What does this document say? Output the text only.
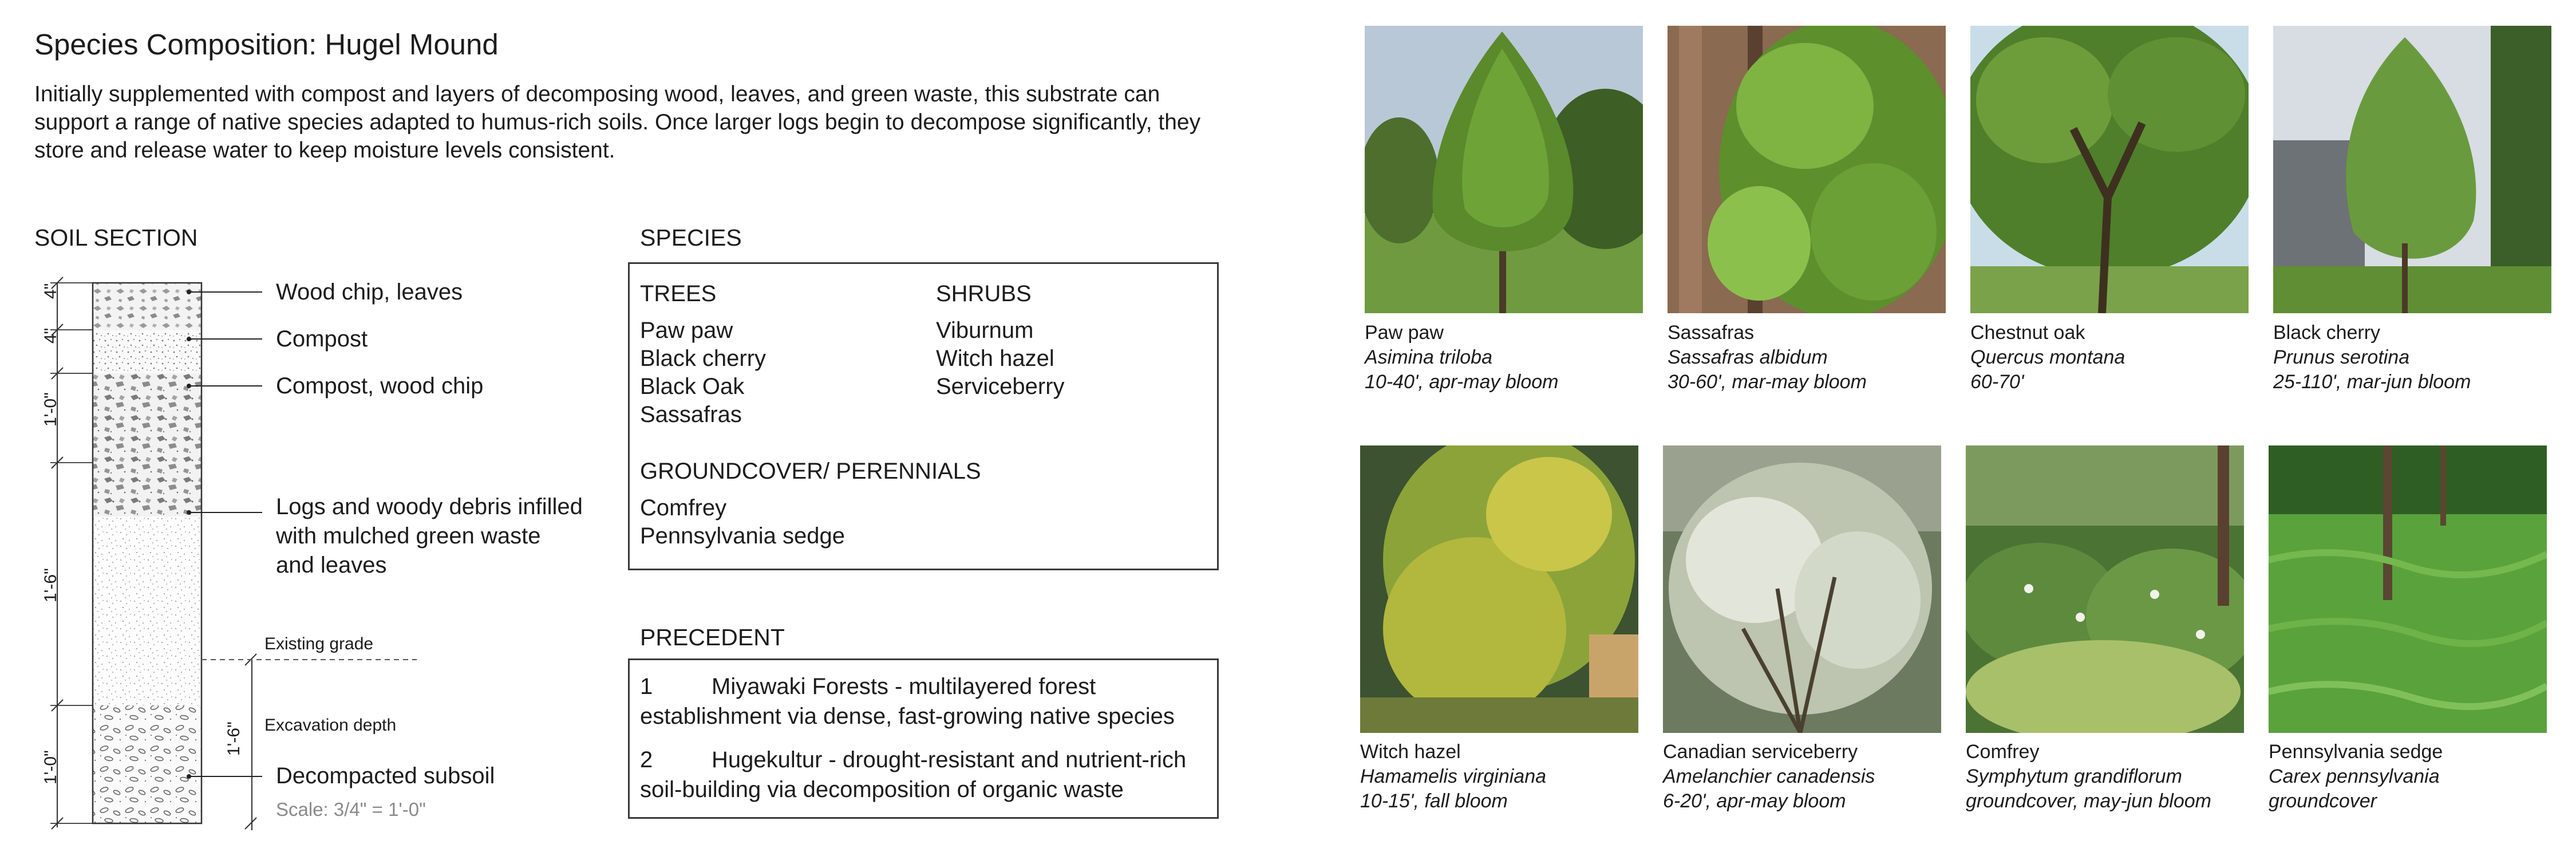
Species Composition: Hugel Mound
Initially supplemented with compost and layers of decomposing wood, leaves, and green waste, this substrate can support a range of native species adapted to humus-rich soils. Once larger logs begin to decompose significantly, they store and release water to keep moisture levels consistent.
SOIL SECTION
4"
4"
1'-0"
1'-6"
1'-0"
1'-6"
Wood chip, leaves
Compost
Compost, wood chip
Logs and woody debris infilled with mulched green waste and leaves
Existing grade
Excavation depth
Decompacted subsoil
Scale: 3/4" = 1'-0"
SPECIES
TREES
Paw paw
Black cherry
Black Oak
Sassafras
SHRUBS
Viburnum
Witch hazel
Serviceberry
GROUNDCOVER/ PERENNIALS
Comfrey
Pennsylvania sedge
PRECEDENT
1	Miyawaki Forests - multilayered forest establishment via dense, fast-growing native species
2	Hugekultur - drought-resistant and nutrient-rich soil-building via decomposition of organic waste
Paw paw
Asimina triloba
10-40', apr-may bloom
Sassafras
Sassafras albidum
30-60', mar-may bloom
Chestnut oak
Quercus montana
60-70'
Black cherry
Prunus serotina
25-110', mar-jun bloom
Witch hazel
Hamamelis virginiana
10-15', fall bloom
Canadian serviceberry
Amelanchier canadensis
6-20', apr-may bloom
Comfrey
Symphytum grandiflorum
groundcover, may-jun bloom
Pennsylvania sedge
Carex pennsylvania
groundcover
